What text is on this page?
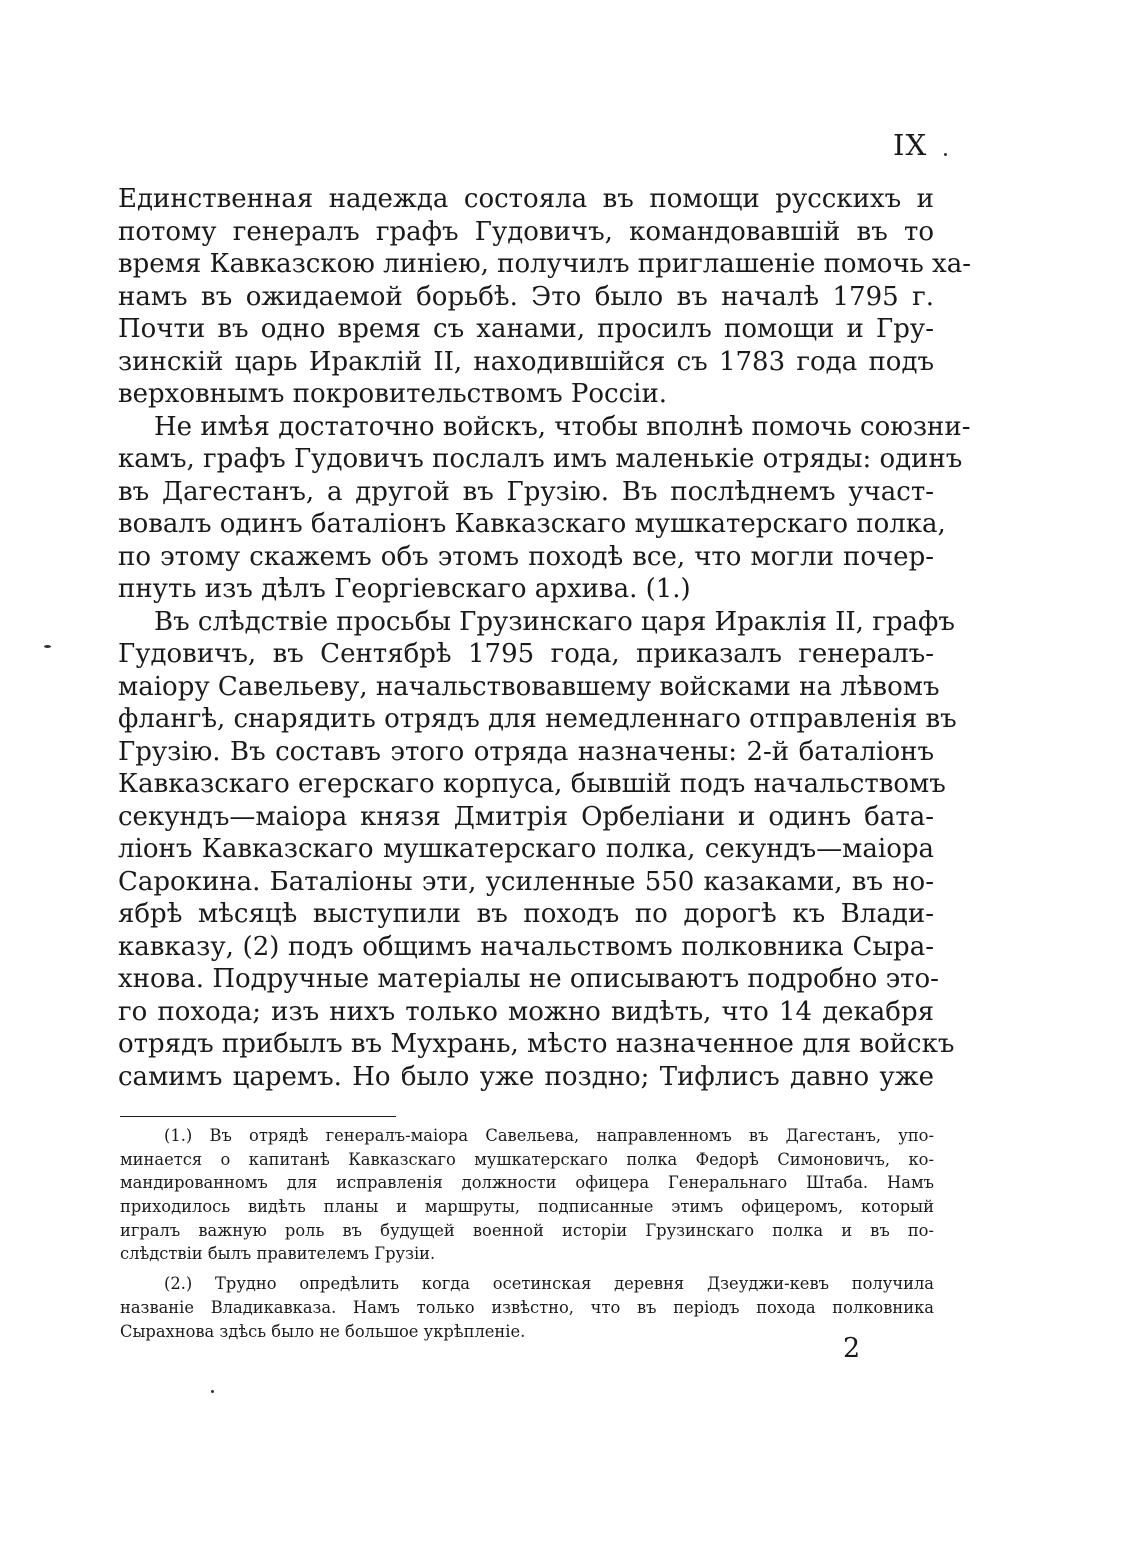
IX
Единственная надежда состояла въ помощи русскихъ и
потому генералъ графъ Гудовичъ, командовавшій въ то
время Кавказскою линіею, получилъ приглашеніе помочь ха-
намъ въ ожидаемой борьбѣ. Это было въ началѣ 1795 г.
Почти въ одно время съ ханами, просилъ помощи и Гру-
зинскій царь Ираклій II, находившійся съ 1783 года подъ
верховнымъ покровительствомъ Россіи.
Не имѣя достаточно войскъ, чтобы вполнѣ помочь союзни-
камъ, графъ Гудовичъ послалъ имъ маленькіе отряды: одинъ
въ Дагестанъ, а другой въ Грузію. Въ послѣднемъ участ-
вовалъ одинъ баталіонъ Кавказскаго мушкатерскаго полка,
по этому скажемъ объ этомъ походѣ все, что могли почер-
пнуть изъ дѣлъ Георгіевскаго архива. (1.)
Въ слѣдствіе просьбы Грузинскаго царя Ираклія II, графъ
Гудовичъ, въ Сентябрѣ 1795 года, приказалъ генералъ-
маіору Савельеву, начальствовавшему войсками на лѣвомъ
флангѣ, снарядить отрядъ для немедленнаго отправленія въ
Грузію. Въ составъ этого отряда назначены: 2-й баталіонъ
Кавказскаго егерскаго корпуса, бывшій подъ начальствомъ
секундъ—маіора князя Дмитрія Орбеліани и одинъ бата-
ліонъ Кавказскаго мушкатерскаго полка, секундъ—маіора
Сарокина. Баталіоны эти, усиленные 550 казаками, въ но-
ябрѣ мѣсяцѣ выступили въ походъ по дорогѣ къ Влади-
кавказу, (2) подъ общимъ начальствомъ полковника Сыра-
хнова. Подручные матеріалы не описываютъ подробно это-
го похода; изъ нихъ только можно видѣть, что 14 декабря
отрядъ прибылъ въ Мухрань, мѣсто назначенное для войскъ
самимъ царемъ. Но было уже поздно; Тифлисъ давно уже
(1.) Въ отрядѣ генералъ-маіора Савельева, направленномъ въ Дагестанъ, упо-
минается о капитанѣ Кавказскаго мушкатерскаго полка Федорѣ Симоновичъ, ко-
мандированномъ для исправленія должности офицера Генеральнаго Штаба. Намъ
приходилось видѣть планы и маршруты, подписанные этимъ офицеромъ, который
игралъ важную роль въ будущей военной исторіи Грузинскаго полка и въ по-
слѣдствіи былъ правителемъ Грузіи.
(2.) Трудно опредѣлить когда осетинская деревня Дзеуджи-кевъ получила
названіе Владикавказа. Намъ только извѣстно, что въ періодъ похода полковника
Сырахнова здѣсь было не большое укрѣпленіе.
2
